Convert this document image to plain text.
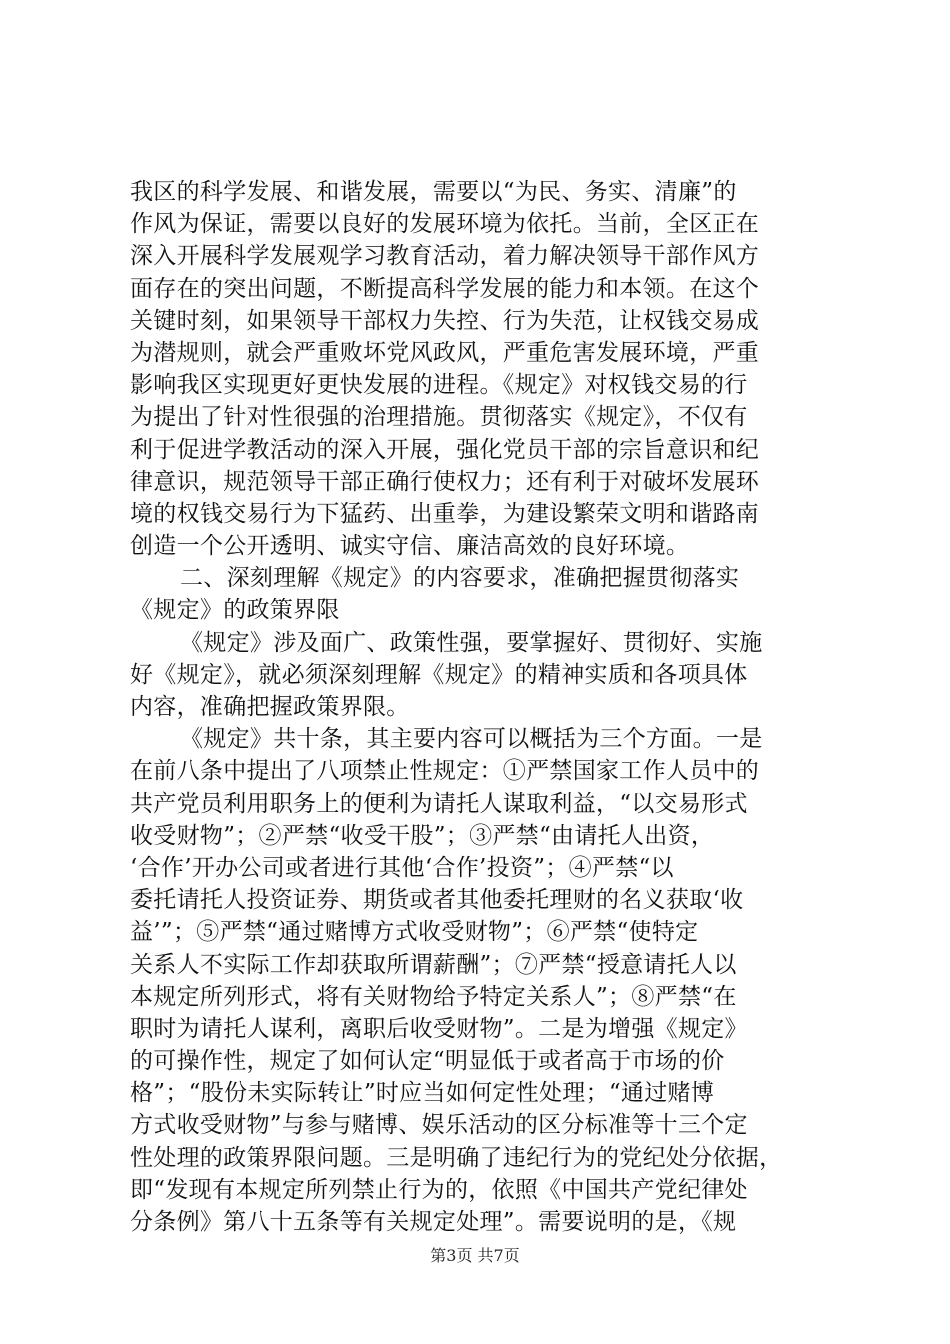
我区的科学发展、和谐发展，需要以“为民、务实、清廉”的
作风为保证，需要以良好的发展环境为依托。当前，全区正在
深入开展科学发展观学习教育活动，着力解决领导干部作风方
面存在的突出问题，不断提高科学发展的能力和本领。在这个
关键时刻，如果领导干部权力失控、行为失范，让权钱交易成
为潜规则，就会严重败坏党风政风，严重危害发展环境，严重
影响我区实现更好更快发展的进程。《规定》对权钱交易的行
为提出了针对性很强的治理措施。贯彻落实《规定》，不仅有
利于促进学教活动的深入开展，强化党员干部的宗旨意识和纪
律意识，规范领导干部正确行使权力；还有利于对破坏发展环
境的权钱交易行为下猛药、出重拳，为建设繁荣文明和谐路南
创造一个公开透明、诚实守信、廉洁高效的良好环境。
二、深刻理解《规定》的内容要求，准确把握贯彻落实
《规定》的政策界限
《规定》涉及面广、政策性强，要掌握好、贯彻好、实施
好《规定》，就必须深刻理解《规定》的精神实质和各项具体
内容，准确把握政策界限。
《规定》共十条，其主要内容可以概括为三个方面。一是
在前八条中提出了八项禁止性规定：①严禁国家工作人员中的
共产党员利用职务上的便利为请托人谋取利益，“以交易形式
收受财物”；②严禁“收受干股”；③严禁“由请托人出资，
‘合作’开办公司或者进行其他‘合作’投资”；④严禁“以
委托请托人投资证券、期货或者其他委托理财的名义获取‘收
益’”；⑤严禁“通过赌博方式收受财物”；⑥严禁“使特定
关系人不实际工作却获取所谓薪酬”；⑦严禁“授意请托人以
本规定所列形式，将有关财物给予特定关系人”；⑧严禁“在
职时为请托人谋利，离职后收受财物”。二是为增强《规定》
的可操作性，规定了如何认定“明显低于或者高于市场的价
格”；“股份未实际转让”时应当如何定性处理；“通过赌博
方式收受财物”与参与赌博、娱乐活动的区分标准等十三个定
性处理的政策界限问题。三是明确了违纪行为的党纪处分依据，
即“发现有本规定所列禁止行为的，依照《中国共产党纪律处
分条例》第八十五条等有关规定处理”。需要说明的是，《规
第3页 共7页
